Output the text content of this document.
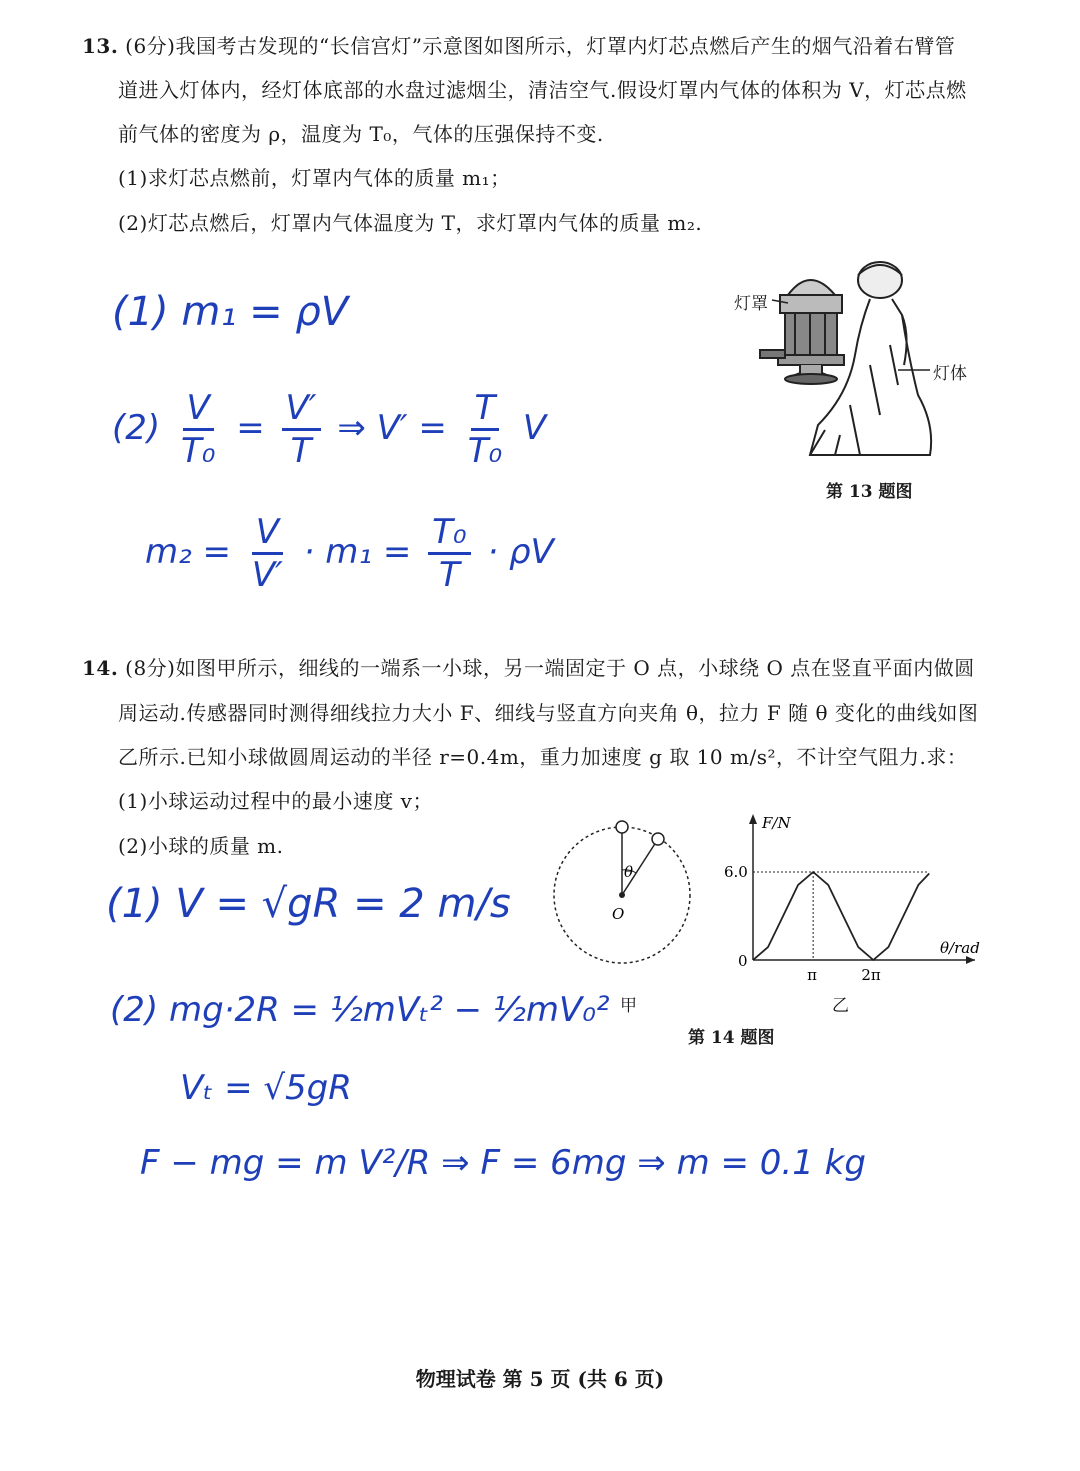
13. (6分)我国考古发现的“长信宫灯”示意图如图所示，灯罩内灯芯点燃后产生的烟气沿着右臂管
道进入灯体内，经灯体底部的水盘过滤烟尘，清洁空气.假设灯罩内气体的体积为 V，灯芯点燃
前气体的密度为 ρ，温度为 T₀，气体的压强保持不变.
(1)求灯芯点燃前，灯罩内气体的质量 m₁；
(2)灯芯点燃后，灯罩内气体温度为 T，求灯罩内气体的质量 m₂.
灯罩
灯体
第 13 题图
(1) m₁ = ρV
$(2) \frac{V}{\text{T₀}} = \frac{V'}{T}$ ⇒ $V' = \frac{T}{\text{T₀}}$ V
$m_2 = \frac{V}{V'} \cdot m_1 = \frac{\text{T₀}}{T} \cdot \rho V$
14. (8分)如图甲所示，细线的一端系一小球，另一端固定于 O 点，小球绕 O 点在竖直平面内做圆
周运动.传感器同时测得细线拉力大小 F、细线与竖直方向夹角 θ，拉力 F 随 θ 变化的曲线如图
乙所示.已知小球做圆周运动的半径 r=0.4m，重力加速度 g 取 10 m/s²，不计空气阻力.求：
(1)小球运动过程中的最小速度 v；
(2)小球的质量 m.
θ
O
甲
F/N
θ/rad
0
6.0
π	2π
乙
第 14 题图
(1) V = √gR = 2 m/s
(2) mg·2R = ½mVₜ² − ½mV₀²
Vₜ = √5gR
F − mg = m V²/R ⇒ F = 6mg ⇒ m = 0.1 kg
物理试卷 第 5 页 (共 6 页)
